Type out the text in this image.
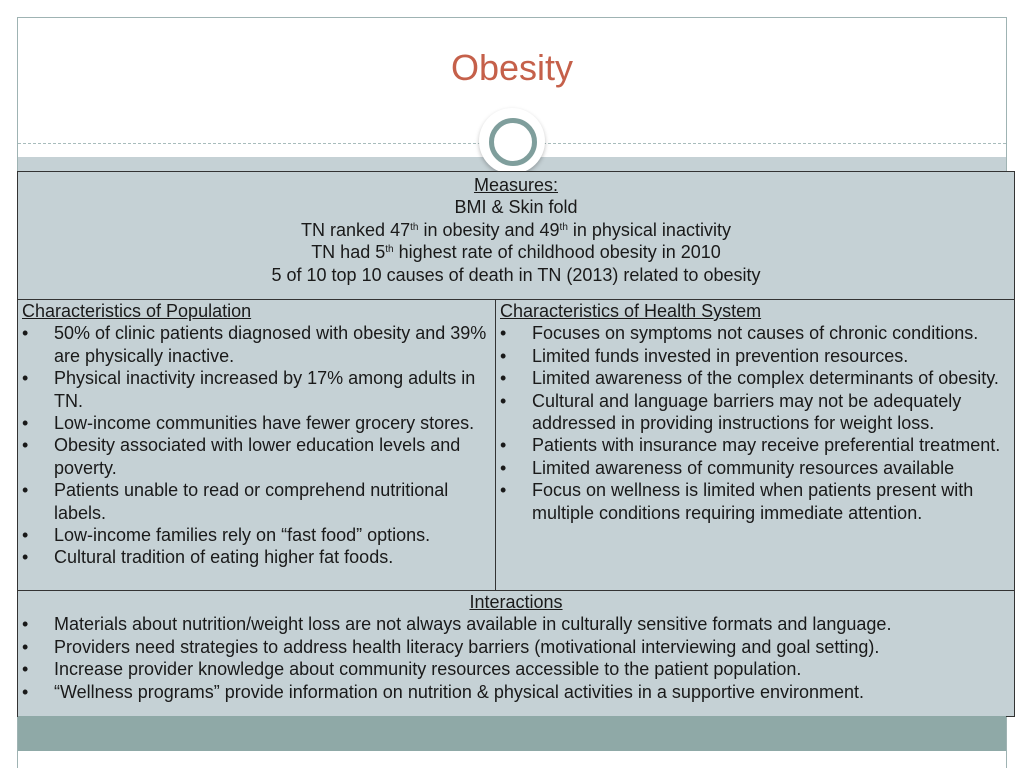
Obesity
Measures:
BMI & Skin fold
TN ranked 47th in obesity and 49th in physical inactivity
TN had 5th highest rate of childhood obesity in 2010
5 of 10 top 10 causes of death in TN (2013) related to obesity
Characteristics of Population
• 50% of clinic patients diagnosed with obesity and 39% are physically inactive.
• Physical inactivity increased by 17% among adults in TN.
• Low-income communities have fewer grocery stores.
• Obesity associated with lower education levels and poverty.
• Patients unable to read or comprehend nutritional labels.
• Low-income families rely on “fast food” options.
• Cultural tradition of eating higher fat foods.
Characteristics of Health System
• Focuses on symptoms not causes of chronic conditions.
• Limited funds invested in prevention resources.
• Limited awareness of the complex determinants of obesity.
• Cultural and language barriers may not be adequately addressed in providing instructions for weight loss.
• Patients with insurance may receive preferential treatment.
• Limited awareness of community resources available
• Focus on wellness is limited when patients present with multiple conditions requiring immediate attention.
Interactions
• Materials about nutrition/weight loss are not always available in culturally sensitive formats and language.
• Providers need strategies to address health literacy barriers (motivational interviewing and goal setting).
• Increase provider knowledge about community resources accessible to the patient population.
• “Wellness programs” provide information on nutrition & physical activities in a supportive environment.
